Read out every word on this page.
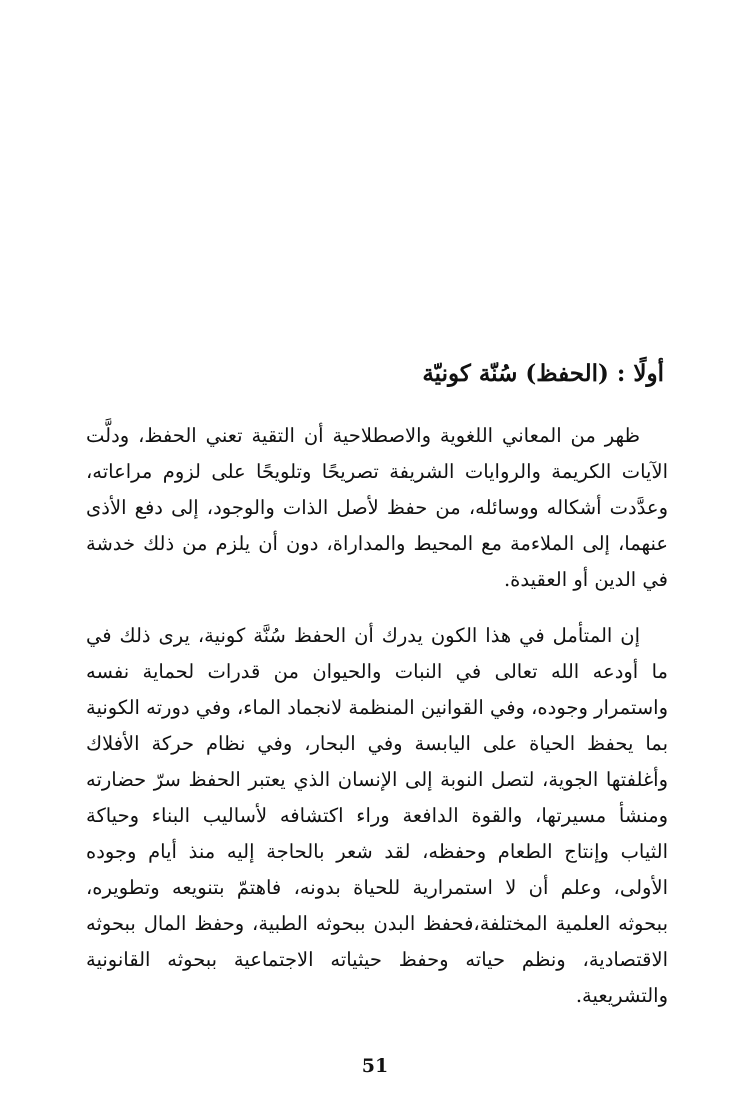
أولًا : (الحفظ) سُنّة كونيّة

ظهر من المعاني اللغوية والاصطلاحية أن التقية تعني الحفظ، ودلَّت الآيات الكريمة والروايات الشريفة تصريحًا وتلويحًا على لزوم مراعاته، وعدَّدت أشكاله ووسائله، من حفظ لأصل الذات والوجود، إلى دفع الأذى عنهما، إلى الملاءمة مع المحيط والمداراة، دون أن يلزم من ذلك خدشة في الدين أو العقيدة.

إن المتأمل في هذا الكون يدرك أن الحفظ سُنَّة كونية، يرى ذلك في ما أودعه الله تعالى في النبات والحيوان من قدرات لحماية نفسه واستمرار وجوده، وفي القوانين المنظمة لانجماد الماء، وفي دورته الكونية بما يحفظ الحياة على اليابسة وفي البحار، وفي نظام حركة الأفلاك وأغلفتها الجوية، لتصل النوبة إلى الإنسان الذي يعتبر الحفظ سرّ حضارته ومنشأ مسيرتها، والقوة الدافعة وراء اكتشافه لأساليب البناء وحياكة الثياب وإنتاج الطعام وحفظه، لقد شعر بالحاجة إليه منذ أيام وجوده الأولى، وعلم أن لا استمرارية للحياة بدونه، فاهتمّ بتنويعه وتطويره، ببحوثه العلمية المختلفة،فحفظ البدن ببحوثه الطبية، وحفظ المال ببحوثه الاقتصادية، ونظم حياته وحفظ حيثياته الاجتماعية ببحوثه القانونية والتشريعية.

51
